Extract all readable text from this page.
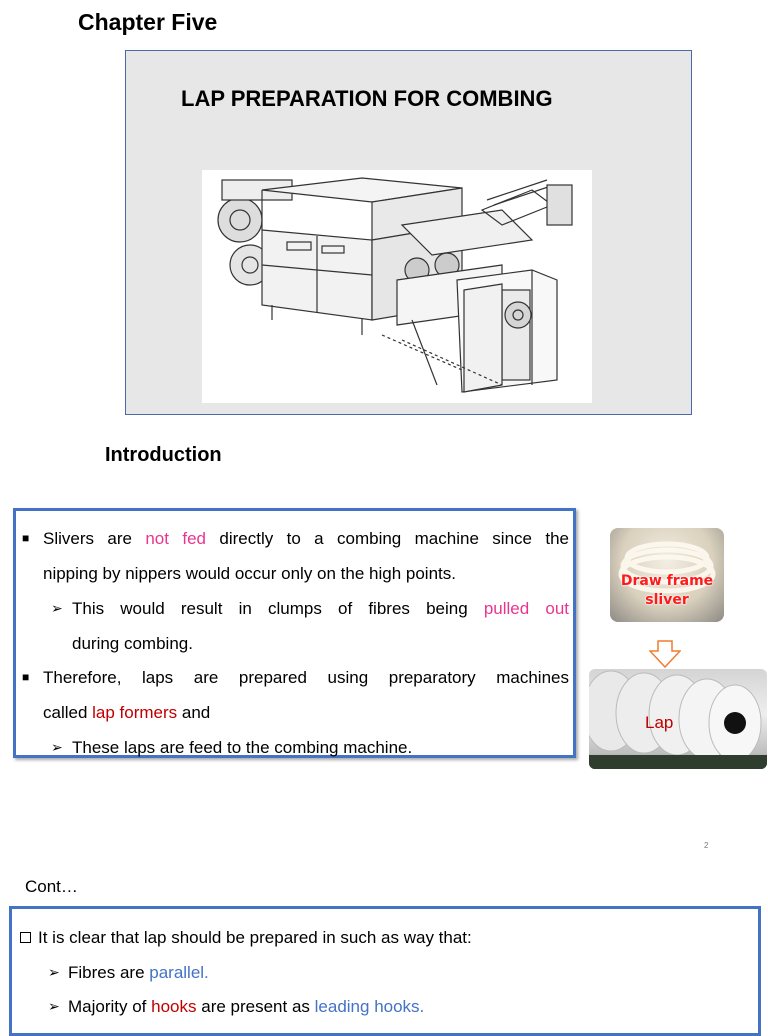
Chapter Five
LAP PREPARATION FOR COMBING
Introduction
■ Slivers are not fed directly to a combing machine since the
nipping by nippers would occur only on the high points.
➢ This would result in clumps of fibres being pulled out
during combing.
■ Therefore, laps are prepared using preparatory machines
called lap formers and
➢ These laps are feed to the combing machine.
Draw frame
sliver
Lap
2
Cont…
It is clear that lap should be prepared in such as way that:
➢ Fibres are parallel.
➢ Majority of hooks are present as leading hooks.
